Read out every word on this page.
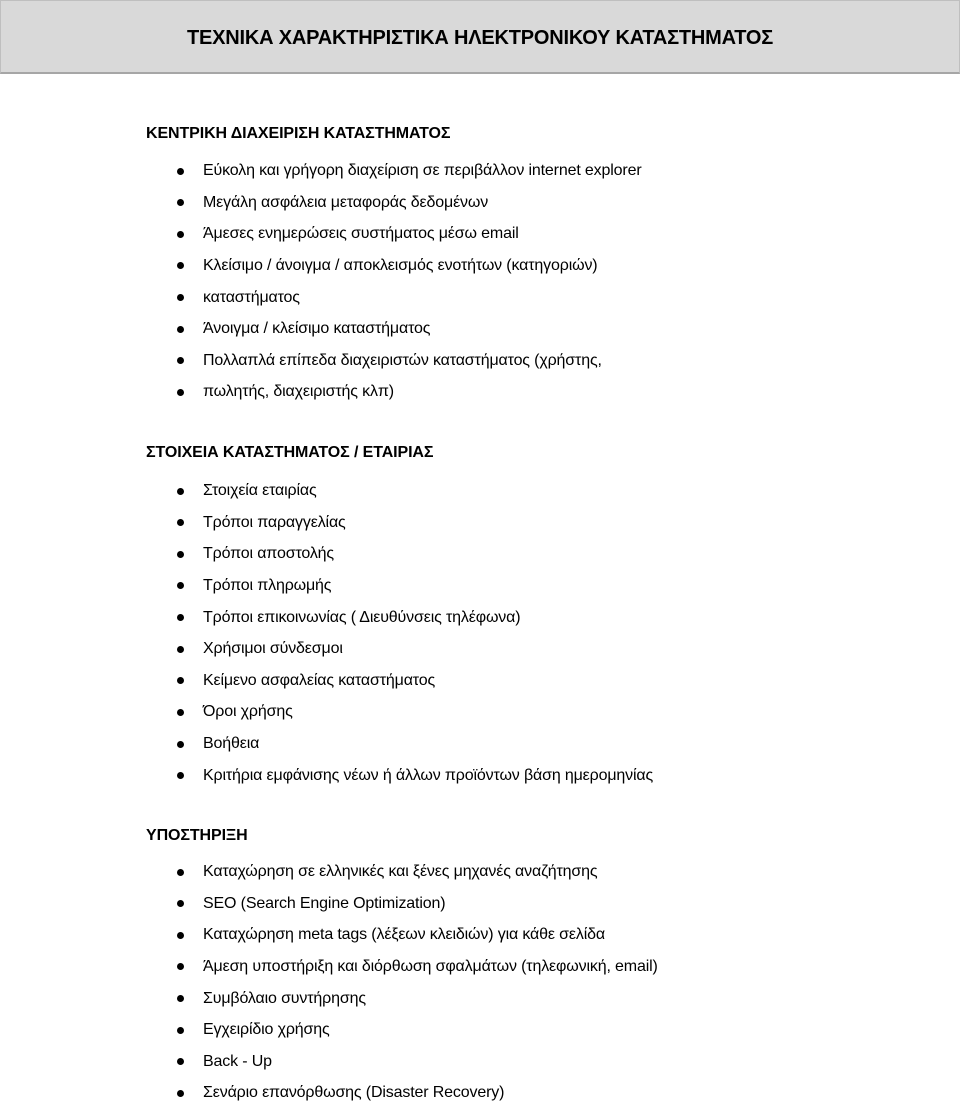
ΤΕΧΝΙΚΑ ΧΑΡΑΚΤΗΡΙΣΤΙΚΑ ΗΛΕΚΤΡΟΝΙΚΟΥ ΚΑΤΑΣΤΗΜΑΤΟΣ
ΚΕΝΤΡΙΚΗ ΔΙΑΧΕΙΡΙΣΗ ΚΑΤΑΣΤΗΜΑΤΟΣ
Εύκολη και γρήγορη διαχείριση σε περιβάλλον internet explorer
Μεγάλη ασφάλεια μεταφοράς δεδομένων
Άμεσες ενημερώσεις συστήματος μέσω email
Κλείσιμο / άνοιγμα / αποκλεισμός ενοτήτων (κατηγοριών)
καταστήματος
Άνοιγμα / κλείσιμο καταστήματος
Πολλαπλά επίπεδα διαχειριστών καταστήματος (χρήστης,
πωλητής, διαχειριστής κλπ)
ΣΤΟΙΧΕΙΑ ΚΑΤΑΣΤΗΜΑΤΟΣ / ΕΤΑΙΡΙΑΣ
Στοιχεία εταιρίας
Τρόποι παραγγελίας
Τρόποι αποστολής
Τρόποι πληρωμής
Τρόποι επικοινωνίας ( Διευθύνσεις τηλέφωνα)
Χρήσιμοι σύνδεσμοι
Κείμενο ασφαλείας καταστήματος
Όροι χρήσης
Βοήθεια
Κριτήρια εμφάνισης νέων ή άλλων προϊόντων βάση ημερομηνίας
ΥΠΟΣΤΗΡΙΞΗ
Καταχώρηση σε ελληνικές και ξένες μηχανές αναζήτησης
SEO (Search Engine Optimization)
Καταχώρηση meta tags (λέξεων κλειδιών) για κάθε σελίδα
Άμεση υποστήριξη και διόρθωση σφαλμάτων (τηλεφωνική, email)
Συμβόλαιο συντήρησης
Εγχειρίδιο χρήσης
Back - Up
Σενάριο επανόρθωσης (Disaster Recovery)
